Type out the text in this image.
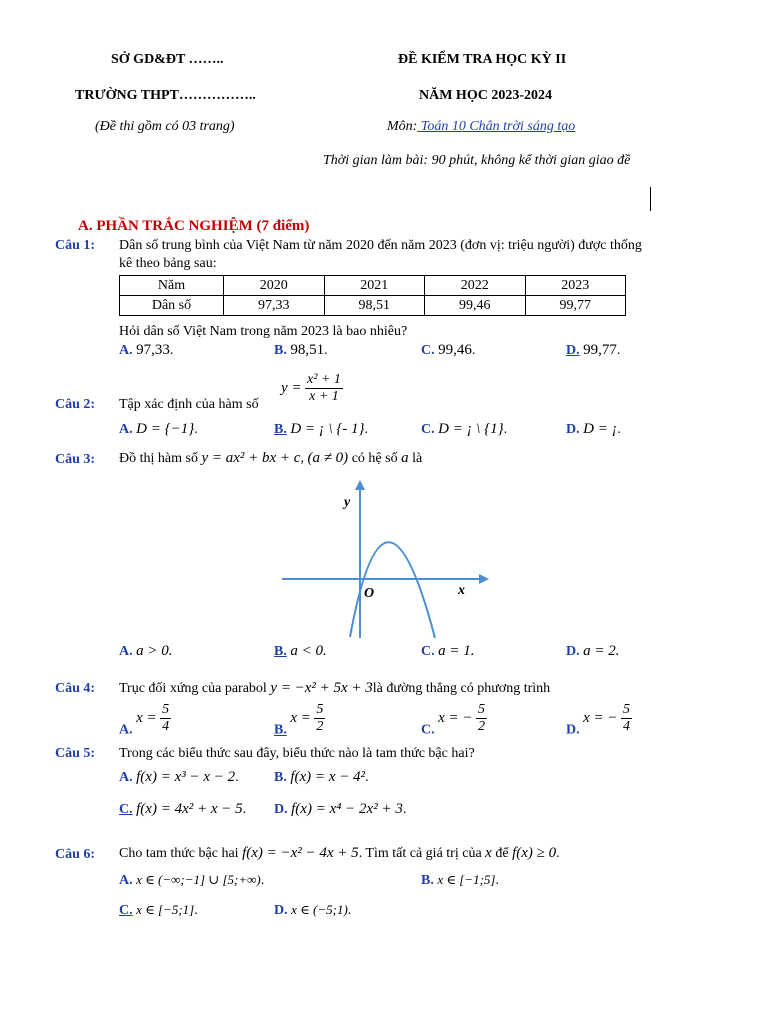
SỞ GD&ĐT ……..
TRƯỜNG THPT……………..
(Đề thi gồm có 03 trang)
ĐỀ KIỂM TRA HỌC KỲ II
NĂM HỌC 2023-2024
Môn: Toán 10 Chân trời sáng tạo
Thời gian làm bài: 90 phút, không kể thời gian giao đề
A. PHẦN TRẮC NGHIỆM (7 điểm)
Câu 1: Dân số trung bình của Việt Nam từ năm 2020 đến năm 2023 (đơn vị: triệu người) được thống
kê theo bảng sau:
Năm	2020	2021	2022	2023
Dân số	97,33	98,51	99,46	99,77
Hỏi dân số Việt Nam trong năm 2023 là bao nhiêu?
A. 97,33.	B. 98,51.	C. 99,46.	D. 99,77.
Câu 2: Tập xác định của hàm số
$y = \frac{\text{x² + 1}}{x + 1}$
A. D = {−1}.	B. D = ¡ \ {- 1}.	C. D = ¡ \ {1}.	D. D = ¡.
Câu 3: Đồ thị hàm số y = ax² + bx + c, (a ≠ 0) có hệ số a là
y
x
O
A. a > 0.	B. a < 0.	C. a = 1.	D. a = 2.
Câu 4: Trục đối xứng của parabol y = −x² + 5x + 3là đường thẳng có phương trình
A. $x = \frac{5}{4}$	B. $x = \frac{5}{2}$	C. x = − $\frac{5}{2}$	D. x = − $\frac{5}{4}$
Câu 5: Trong các biểu thức sau đây, biểu thức nào là tam thức bậc hai?
A. f(x) = x³ − x − 2.	B. f(x) = x − 4².
C. f(x) = 4x² + x − 5. D. f(x) = x⁴ − 2x² + 3.
Câu 6: Cho tam thức bậc hai f(x) = −x² − 4x + 5. Tìm tất cả giá trị của x để f(x) ≥ 0.
A. x ∈ (−∞;−1] ∪ [5;+∞).	B. x ∈ [−1;5].
C. x ∈ [−5;1].	D. x ∈ (−5;1).
